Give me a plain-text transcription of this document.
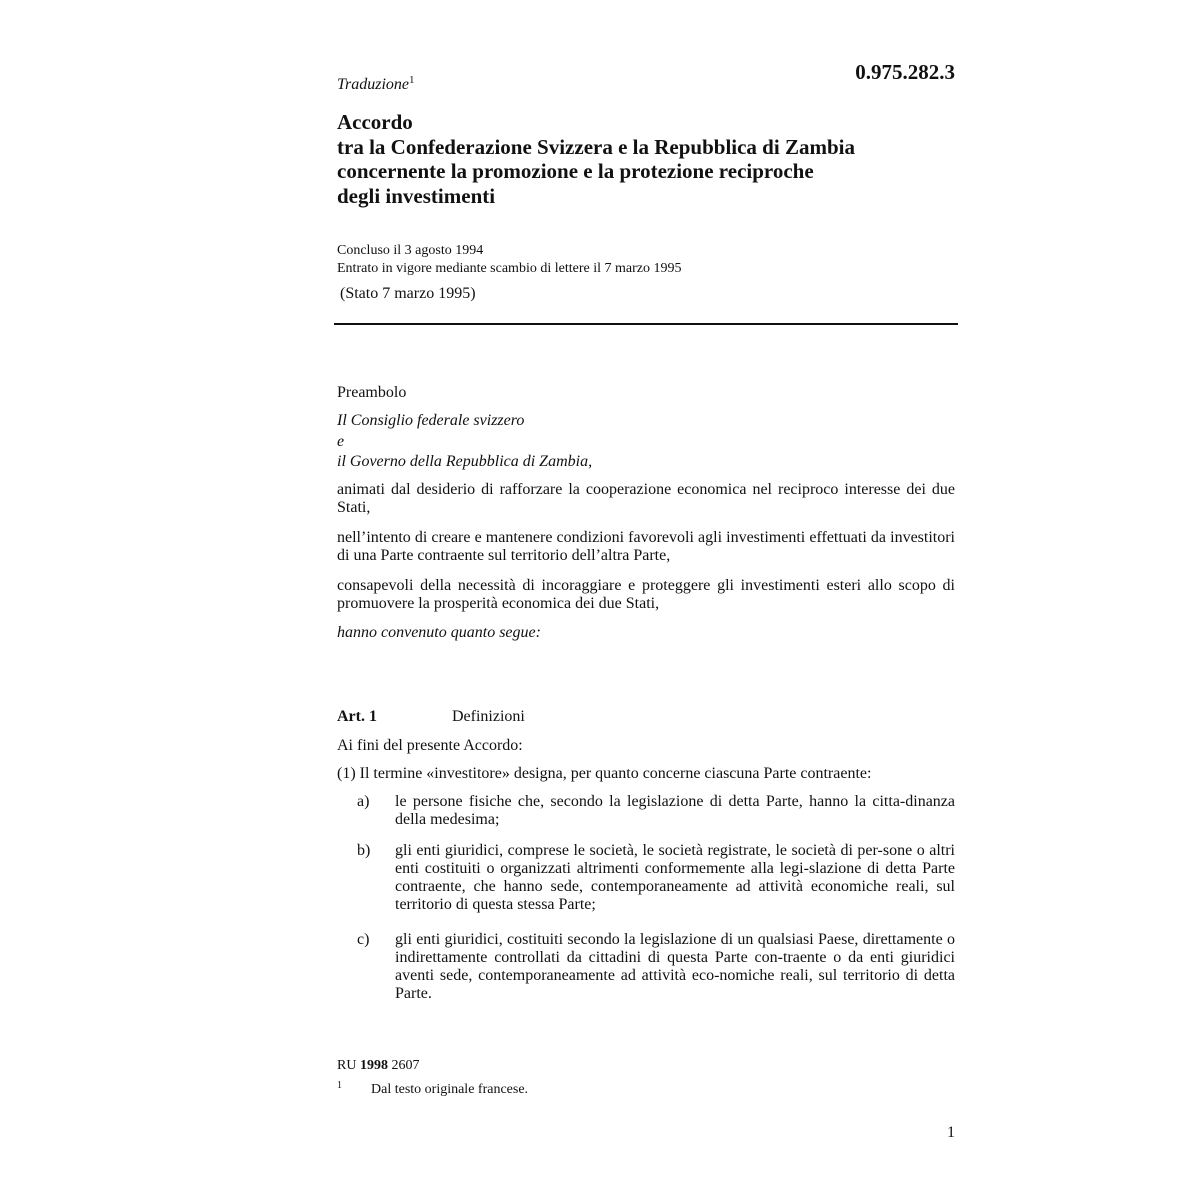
0.975.282.3
Traduzione$^1$
Accordo
tra la Confederazione Svizzera e la Repubblica di Zambia
concernente la promozione e la protezione reciproche
degli investimenti
Concluso il 3 agosto 1994
Entrato in vigore mediante scambio di lettere il 7 marzo 1995
(Stato 7 marzo 1995)
Preambolo
Il Consiglio federale svizzero
e
il Governo della Repubblica di Zambia,
animati dal desiderio di rafforzare la cooperazione economica nel reciproco interesse dei due Stati,
nell’intento di creare e mantenere condizioni favorevoli agli investimenti effettuati da investitori di una Parte contraente sul territorio dell’altra Parte,
consapevoli della necessità di incoraggiare e proteggere gli investimenti esteri allo scopo di promuovere la prosperità economica dei due Stati,
hanno convenuto quanto segue:
Art. 1	Definizioni
Ai fini del presente Accordo:
(1) Il termine «investitore» designa, per quanto concerne ciascuna Parte contraente:
a) le persone fisiche che, secondo la legislazione di detta Parte, hanno la citta-dinanza della medesima;
b) gli enti giuridici, comprese le società, le società registrate, le società di per-sone o altri enti costituiti o organizzati altrimenti conformemente alla legi-slazione di detta Parte contraente, che hanno sede, contemporaneamente ad attività economiche reali, sul territorio di questa stessa Parte;
c) gli enti giuridici, costituiti secondo la legislazione di un qualsiasi Paese, direttamente o indirettamente controllati da cittadini di questa Parte con-traente o da enti giuridici aventi sede, contemporaneamente ad attività eco-nomiche reali, sul territorio di detta Parte.
RU 1998 2607
1 Dal testo originale francese.
1
